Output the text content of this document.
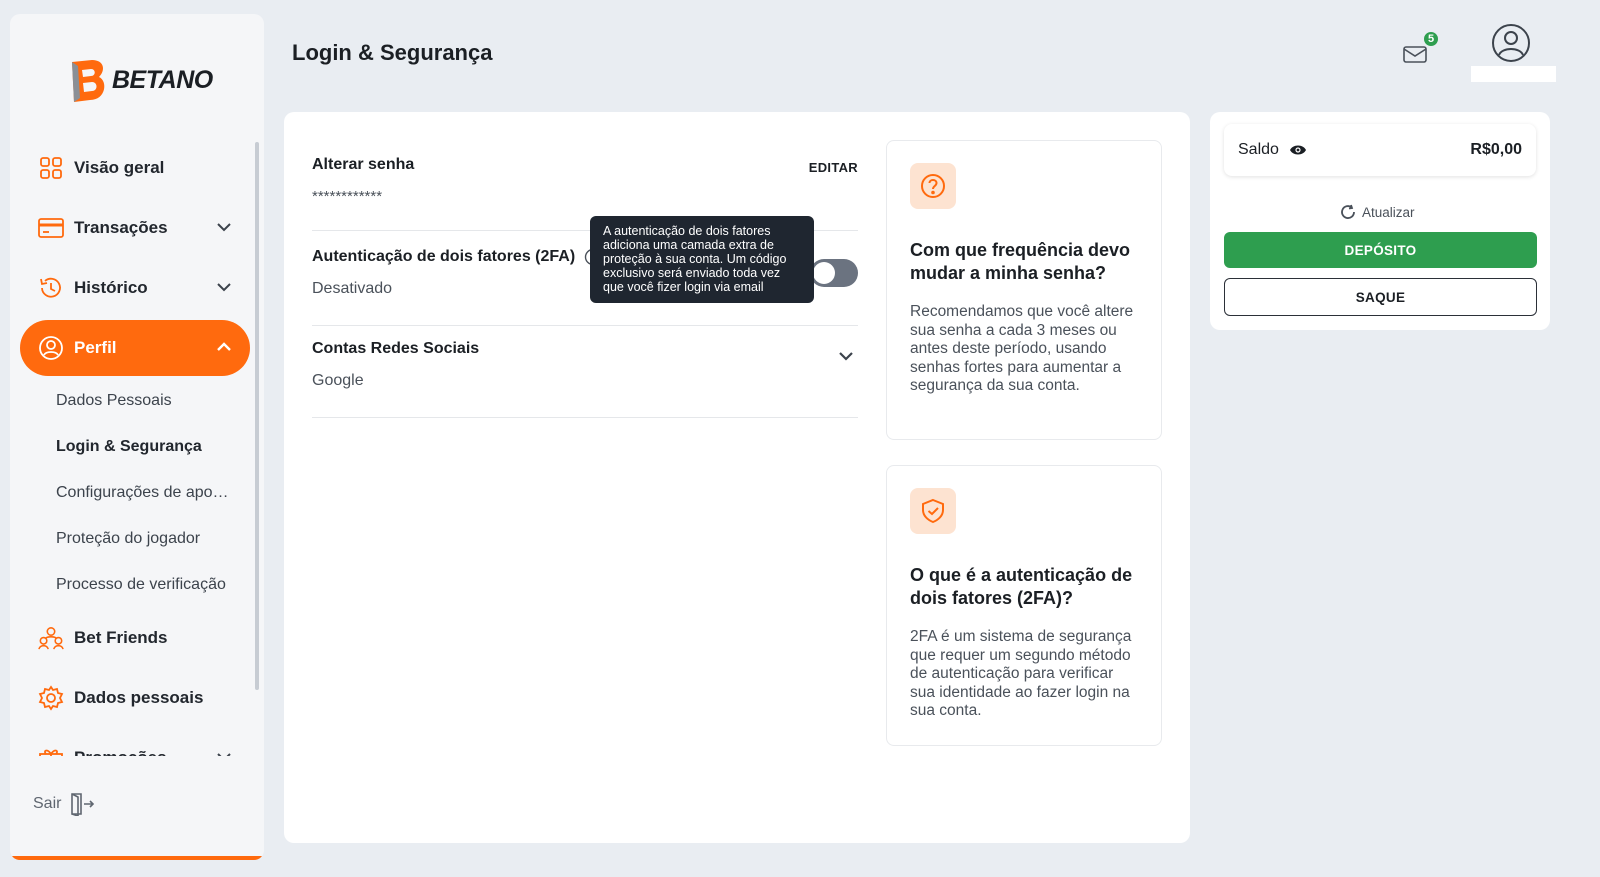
BETANO
Visão geral
Transações
Histórico
Perfil
Dados Pessoais
Login & Segurança
Configurações de apo…
Proteção do jogador
Processo de verificação
Bet Friends
Dados pessoais
Sair
Login & Segurança
5
Alterar senha
************
EDITAR
Autenticação de dois fatores (2FA)
Desativado
Contas Redes Sociais
Google
A autenticação de dois fatores adiciona uma camada extra de proteção à sua conta. Um código exclusivo será enviado toda vez que você fizer login via email
Com que frequência devo mudar a minha senha?
Recomendamos que você altere sua senha a cada 3 meses ou antes deste período, usando senhas fortes para aumentar a segurança da sua conta.
O que é a autenticação de dois fatores (2FA)?
2FA é um sistema de segurança que requer um segundo método de autenticação para verificar sua identidade ao fazer login na sua conta.
Saldo	R$0,00
Atualizar
DEPÓSITO
SAQUE
